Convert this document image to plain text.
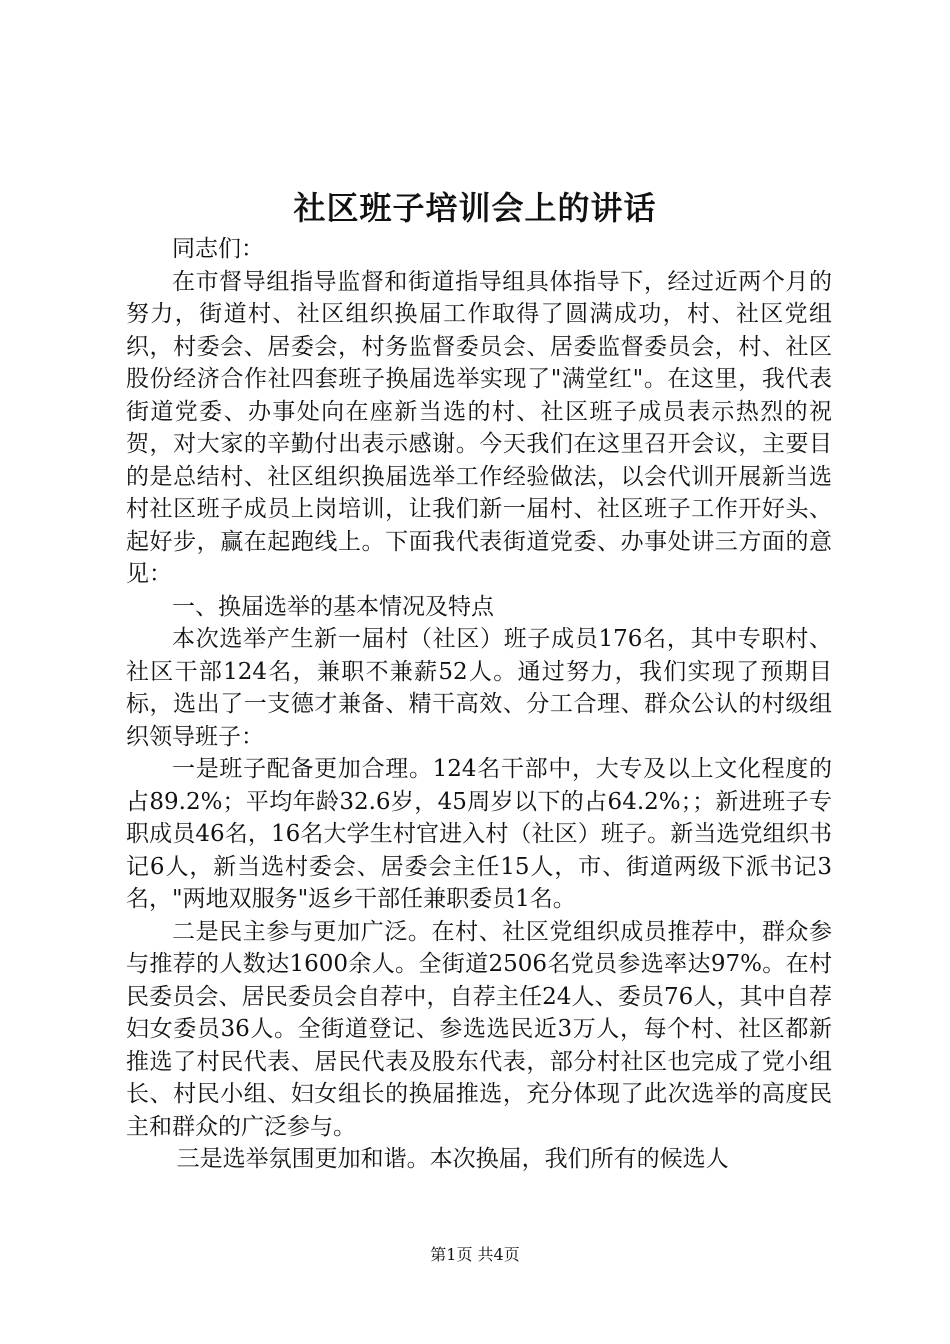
社区班子培训会上的讲话

同志们：

在市督导组指导监督和街道指导组具体指导下，经过近两个月的努力，街道村、社区组织换届工作取得了圆满成功，村、社区党组织，村委会、居委会，村务监督委员会、居委监督委员会，村、社区股份经济合作社四套班子换届选举实现了"满堂红"。在这里，我代表街道党委、办事处向在座新当选的村、社区班子成员表示热烈的祝贺，对大家的辛勤付出表示感谢。今天我们在这里召开会议，主要目的是总结村、社区组织换届选举工作经验做法，以会代训开展新当选村社区班子成员上岗培训，让我们新一届村、社区班子工作开好头、起好步，赢在起跑线上。下面我代表街道党委、办事处讲三方面的意见：

一、换届选举的基本情况及特点

本次选举产生新一届村（社区）班子成员176名，其中专职村、社区干部124名，兼职不兼薪52人。通过努力，我们实现了预期目标，选出了一支德才兼备、精干高效、分工合理、群众公认的村级组织领导班子：

一是班子配备更加合理。124名干部中，大专及以上文化程度的占89.2%；平均年龄32.6岁，45周岁以下的占64.2%；；新进班子专职成员46名，16名大学生村官进入村（社区）班子。新当选党组织书记6人，新当选村委会、居委会主任15人，市、街道两级下派书记3名，"两地双服务"返乡干部任兼职委员1名。

二是民主参与更加广泛。在村、社区党组织成员推荐中，群众参与推荐的人数达1600余人。全街道2506名党员参选率达97%。在村民委员会、居民委员会自荐中，自荐主任24人、委员76人，其中自荐妇女委员36人。全街道登记、参选选民近3万人，每个村、社区都新推选了村民代表、居民代表及股东代表，部分村社区也完成了党小组长、村民小组、妇女组长的换届推选，充分体现了此次选举的高度民主和群众的广泛参与。

三是选举氛围更加和谐。本次换届，我们所有的候选人

第1页 共4页
